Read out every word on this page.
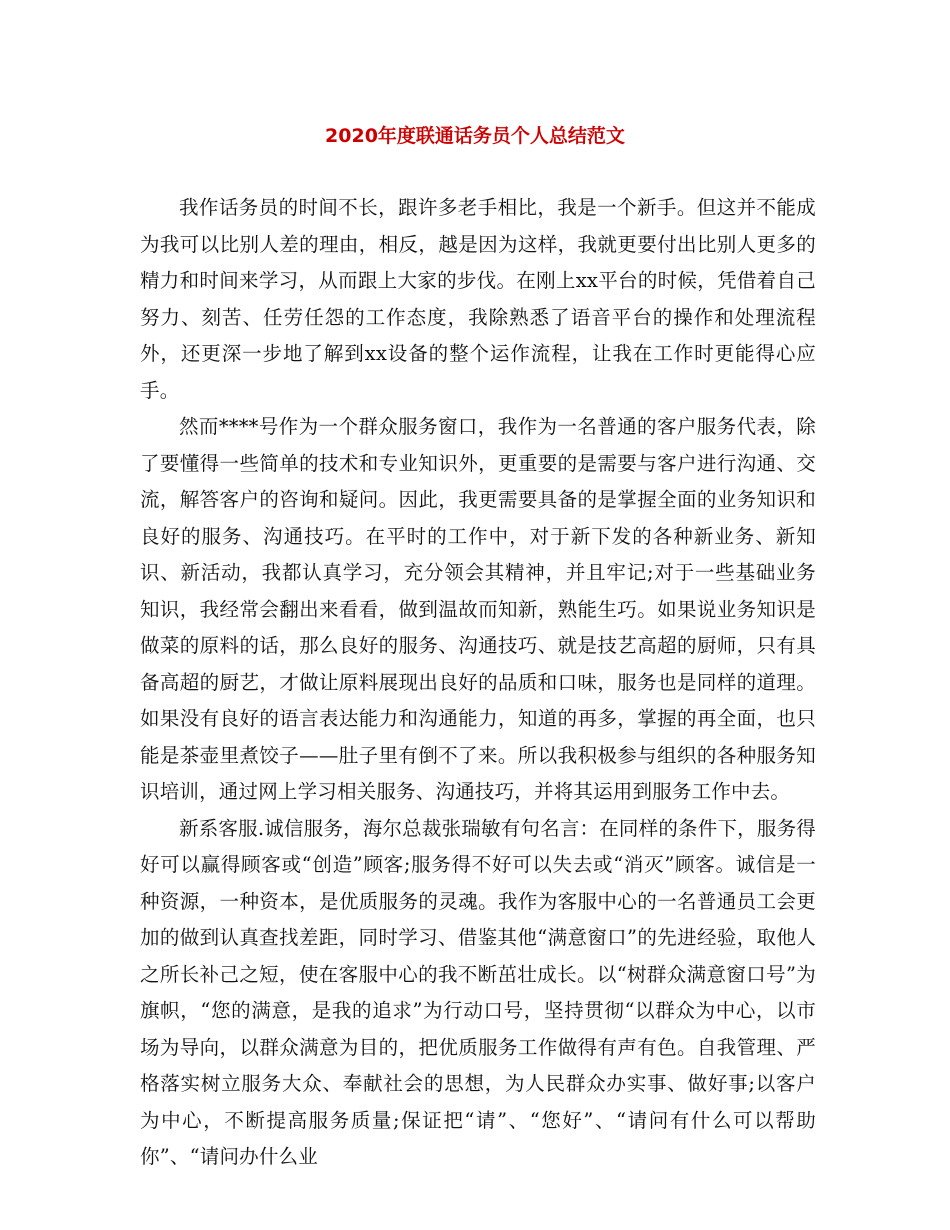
2020年度联通话务员个人总结范文

我作话务员的时间不长，跟许多老手相比，我是一个新手。但这并不能成为我可以比别人差的理由，相反，越是因为这样，我就更要付出比别人更多的精力和时间来学习，从而跟上大家的步伐。在刚上xx平台的时候，凭借着自己努力、刻苦、任劳任怨的工作态度，我除熟悉了语音平台的操作和处理流程外，还更深一步地了解到xx设备的整个运作流程，让我在工作时更能得心应手。

然而****号作为一个群众服务窗口，我作为一名普通的客户服务代表，除了要懂得一些简单的技术和专业知识外，更重要的是需要与客户进行沟通、交流，解答客户的咨询和疑问。因此，我更需要具备的是掌握全面的业务知识和良好的服务、沟通技巧。在平时的工作中，对于新下发的各种新业务、新知识、新活动，我都认真学习，充分领会其精神，并且牢记;对于一些基础业务知识，我经常会翻出来看看，做到温故而知新，熟能生巧。如果说业务知识是做菜的原料的话，那么良好的服务、沟通技巧、就是技艺高超的厨师，只有具备高超的厨艺，才做让原料展现出良好的品质和口味，服务也是同样的道理。如果没有良好的语言表达能力和沟通能力，知道的再多，掌握的再全面，也只能是茶壶里煮饺子——肚子里有倒不了来。所以我积极参与组织的各种服务知识培训，通过网上学习相关服务、沟通技巧，并将其运用到服务工作中去。

新系客服.诚信服务，海尔总裁张瑞敏有句名言：在同样的条件下，服务得好可以赢得顾客或“创造”顾客;服务得不好可以失去或“消灭”顾客。诚信是一种资源，一种资本，是优质服务的灵魂。我作为客服中心的一名普通员工会更加的做到认真查找差距，同时学习、借鉴其他“满意窗口”的先进经验，取他人之所长补己之短，使在客服中心的我不断茁壮成长。以“树群众满意窗口号”为旗帜，“您的满意，是我的追求”为行动口号，坚持贯彻“以群众为中心，以市场为导向，以群众满意为目的，把优质服务工作做得有声有色。自我管理、严格落实树立服务大众、奉献社会的思想，为人民群众办实事、做好事;以客户为中心，不断提高服务质量;保证把“请”、“您好”、“请问有什么可以帮助你”、“请问办什么业
